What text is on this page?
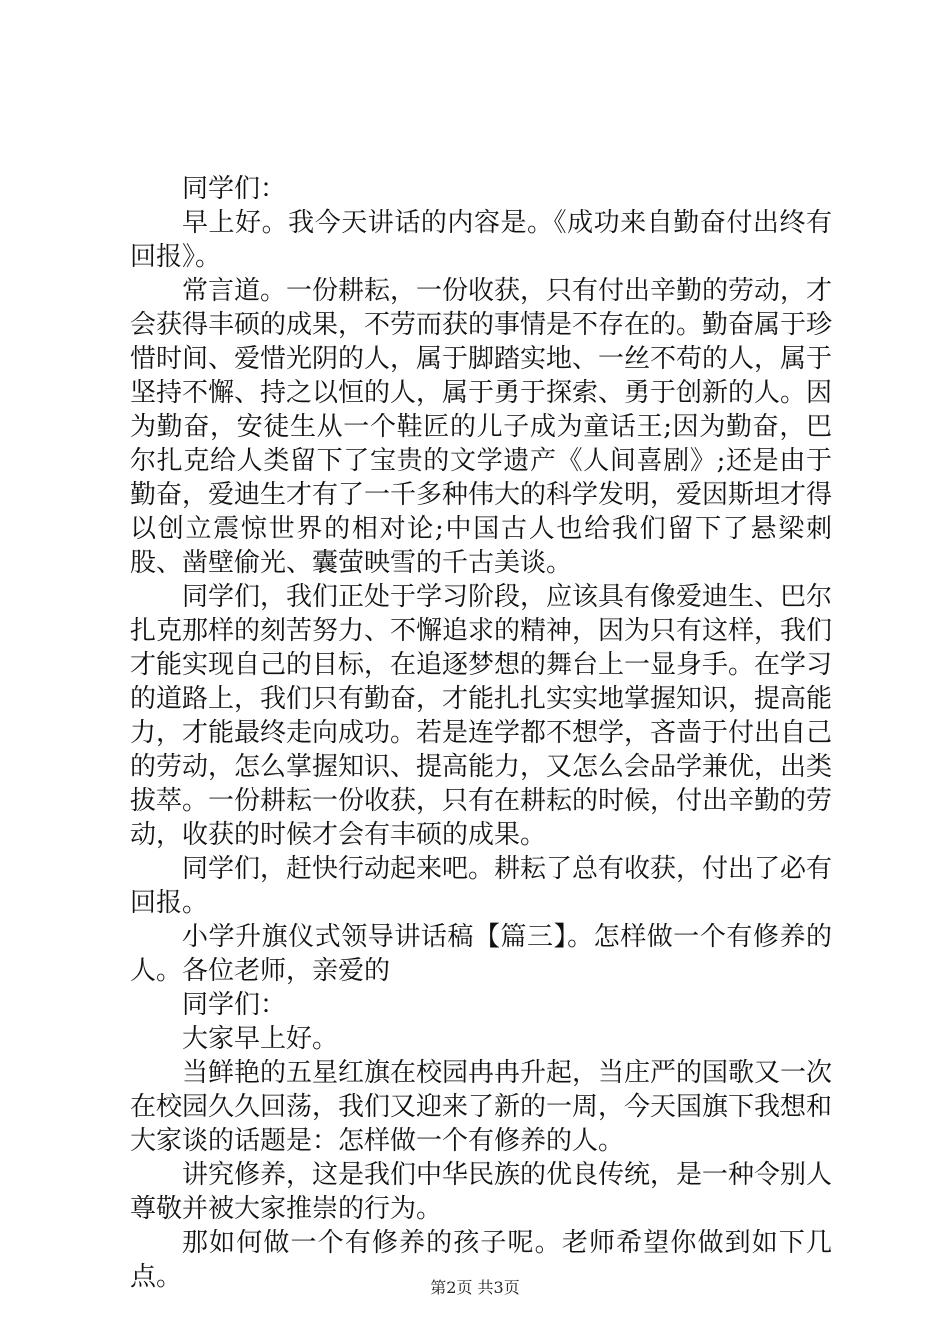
同学们：

早上好。我今天讲话的内容是。《成功来自勤奋付出终有回报》。

常言道。一份耕耘，一份收获，只有付出辛勤的劳动，才会获得丰硕的成果，不劳而获的事情是不存在的。勤奋属于珍惜时间、爱惜光阴的人，属于脚踏实地、一丝不苟的人，属于坚持不懈、持之以恒的人，属于勇于探索、勇于创新的人。因为勤奋，安徒生从一个鞋匠的儿子成为童话王;因为勤奋，巴尔扎克给人类留下了宝贵的文学遗产《人间喜剧》;还是由于勤奋，爱迪生才有了一千多种伟大的科学发明，爱因斯坦才得以创立震惊世界的相对论;中国古人也给我们留下了悬梁刺股、凿壁偷光、囊萤映雪的千古美谈。

同学们，我们正处于学习阶段，应该具有像爱迪生、巴尔扎克那样的刻苦努力、不懈追求的精神，因为只有这样，我们才能实现自己的目标，在追逐梦想的舞台上一显身手。在学习的道路上，我们只有勤奋，才能扎扎实实地掌握知识，提高能力，才能最终走向成功。若是连学都不想学，吝啬于付出自己的劳动，怎么掌握知识、提高能力，又怎么会品学兼优，出类拔萃。一份耕耘一份收获，只有在耕耘的时候，付出辛勤的劳动，收获的时候才会有丰硕的成果。

同学们，赶快行动起来吧。耕耘了总有收获，付出了必有回报。

小学升旗仪式领导讲话稿【篇三】。怎样做一个有修养的人。各位老师，亲爱的

同学们：

大家早上好。

当鲜艳的五星红旗在校园冉冉升起，当庄严的国歌又一次在校园久久回荡，我们又迎来了新的一周，今天国旗下我想和大家谈的话题是：怎样做一个有修养的人。

讲究修养，这是我们中华民族的优良传统，是一种令别人尊敬并被大家推崇的行为。

那如何做一个有修养的孩子呢。老师希望你做到如下几点。	第2页 共3页
